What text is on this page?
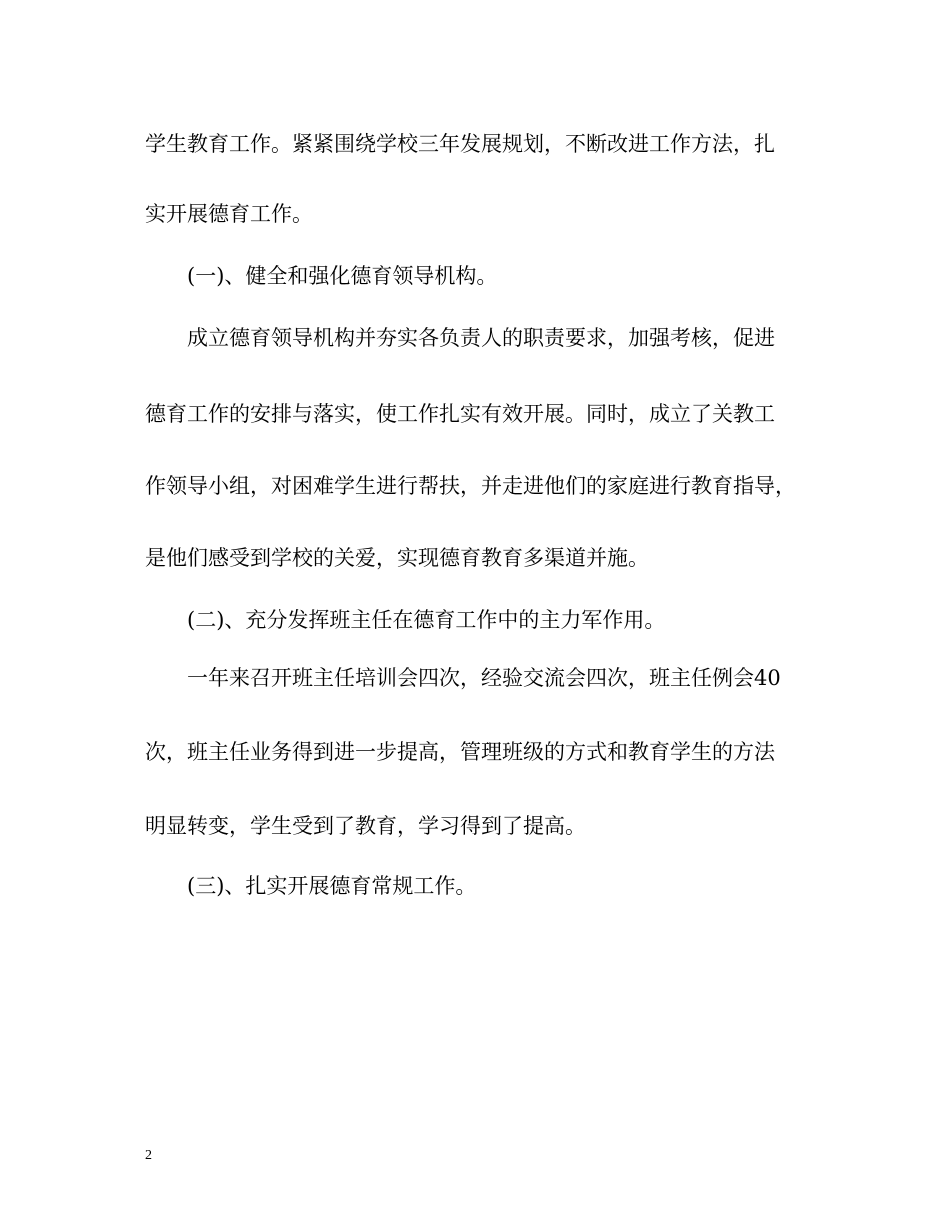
学生教育工作。紧紧围绕学校三年发展规划，不断改进工作方法，扎
实开展德育工作。
(一)、健全和强化德育领导机构。
成立德育领导机构并夯实各负责人的职责要求，加强考核，促进
德育工作的安排与落实，使工作扎实有效开展。同时，成立了关教工
作领导小组，对困难学生进行帮扶，并走进他们的家庭进行教育指导，
是他们感受到学校的关爱，实现德育教育多渠道并施。
(二)、充分发挥班主任在德育工作中的主力军作用。
一年来召开班主任培训会四次，经验交流会四次，班主任例会40
次，班主任业务得到进一步提高，管理班级的方式和教育学生的方法
明显转变，学生受到了教育，学习得到了提高。
(三)、扎实开展德育常规工作。
2
